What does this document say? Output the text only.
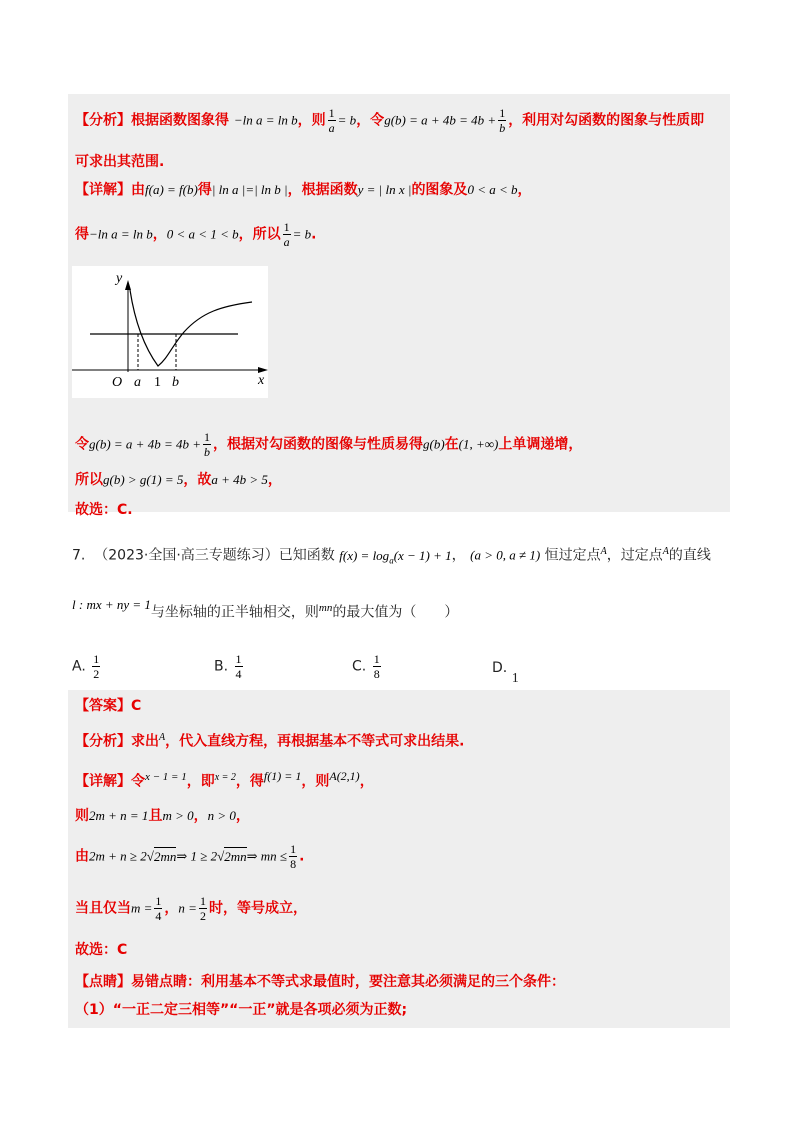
【分析】根据函数图象得 −ln a = ln b，则 $\frac{1}{a} = b$，令$g(b) = a + 4b = 4b + \frac{1}{b}$ ，利用对勾函数的图象与性质即
可求出其范围.
【详解】由f(a) = f(b)得| ln a |=| ln b |，根据函数y = | ln x |的图象及0 < a < b，
得−ln a = ln b，0 < a < 1 < b，所以 $\frac{1}{a} = b$.
y
x
O a 1 b
令$g(b) = a + 4b = 4b + \frac{1}{b}$ ，根据对勾函数的图像与性质易得g(b)在(1, +∞)上单调递增，
所以g(b) > g(1) = 5，故a + 4b > 5，
故选：C.
7. （2023·全国·高三专题练习）已知函数 $f(x) = \log_a(x - 1) + 1$， (a > 0, a ≠ 1) 恒过定点$^A$，过定点$^A$的直线
l : mx + ny = 1与坐标轴的正半轴相交，则$^{mn}$的最大值为（　　）
A. $\frac{1}{2}$	B. $\frac{1}{4}$	C. $\frac{1}{8}$	D. 1
【答案】C
【分析】求出$^A$，代入直线方程，再根据基本不等式可求出结果.
【详解】令$^{x - 1 = 1}$，即$^{x = 2}$，得$^{f(1) = 1}$，则$^{A(2,1)}$，
则2m + n = 1且m > 0，n > 0，
由2m + n ≥ 2√2mn⇒ 1 ≥ 2√2mn⇒ mn ≤ $\frac{1}{8}$ .
当且仅当$m = \frac{1}{4}$ ，$n = \frac{1}{2}$ 时，等号成立，
故选：C
【点睛】易错点睛：利用基本不等式求最值时，要注意其必须满足的三个条件：
（1）“一正二定三相等”“一正”就是各项必须为正数;
